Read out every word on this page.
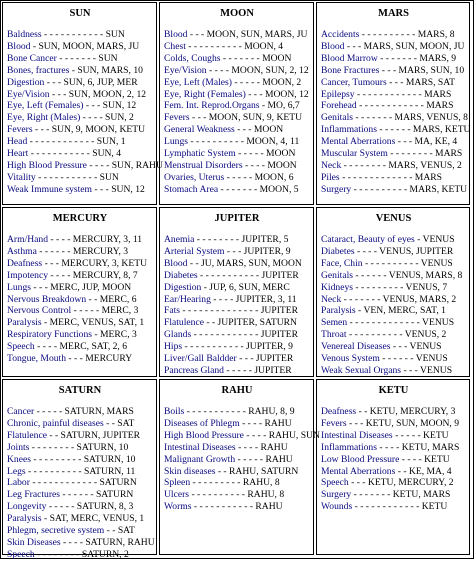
SUN
Baldness - - - - - - - - - - - SUN
Blood - SUN, MOON, MARS, JU
Bone Cancer - - - - - - - SUN
Bones, fractures - SUN, MARS, 10
Digestion - - - SUN, 6, JUP, MER
Eye/Vision - - - SUN, MOON, 2, 12
Eye, Left (Females) - - - SUN, 12
Eye, Right (Males) - - - - SUN, 2
Fevers - - - SUN, 9, MOON, KETU
Head - - - - - - - - - - - - SUN, 1
Heart - - - - - - - - - - - SUN, 4
High Blood Pressure - - - - SUN, RAHU
Vitality - - - - - - - - - - - SUN
Weak Immune system - - - SUN, 12
MOON
Blood - - - MOON, SUN, MARS, JU
Chest - - - - - - - - - - MOON, 4
Colds, Coughs - - - - - - - MOON
Eye/Vision - - - - MOON, SUN, 2, 12
Eye, Left (Males) - - - - - MOON, 2
Eye, Right (Females) - - - MOON, 12
Fem. Int. Reprod.Organs - MO, 6,7
Fevers - - - MOON, SUN, 9, KETU
General Weakness - - - MOON
Lungs - - - - - - - - - - MOON, 4, 11
Lymphatic System - - - - - MOON
Menstrual Disorders - - - - MOON
Ovaries, Uterus - - - - - MOON, 6
Stomach Area - - - - - - - MOON, 5
MARS
Accidents - - - - - - - - - - MARS, 8
Blood - - - MARS, SUN, MOON, JU
Blood Marrow - - - - - - - MARS, 9
Bone Fractures - - - MARS, SUN, 10
Cancer, Tumours - - - MARS, SAT
Epilepsy - - - - - - - - - - - - MARS
Forehead - - - - - - - - - - - - MARS
Genitals - - - - - - - MARS, VENUS, 8
Inflammations - - - - - - MARS, KETU
Mental Aberrations - - - MA, KE, 4
Muscular System - - - - - - - - MARS
Neck - - - - - - - - MARS, VENUS, 2
Piles - - - - - - - - - - - - - MARS
Surgery - - - - - - - - - - MARS, KETU
MERCURY
Arm/Hand - - - - MERCURY, 3, 11
Asthma - - - - - - MERCURY, 3
Deafness - - - MERCURY, 3, KETU
Impotency - - - - MERCURY, 8, 7
Lungs - - - MERC, JUP, MOON
Nervous Breakdown - - MERC, 6
Nervous Control - - - - - MERC, 3
Paralysis - MERC, VENUS, SAT, 1
Respiratory Functions - MERC, 3
Speech - - - - MERC, SAT, 2, 6
Tongue, Mouth - - - MERCURY
JUPITER
Anemia - - - - - - - - JUPITER, 5
Arterial System - - - JUPITER, 9
Blood - - JU, MARS, SUN, MOON
Diabetes - - - - - - - - - - - JUPITER
Digestion - JUP, 6, SUN, MERC
Ear/Hearing - - - - JUPITER, 3, 11
Fats - - - - - - - - - - - - - - JUPITER
Flatulence - - JUPITER, SATURN
Glands - - - - - - - - - - - - JUPITER
Hips - - - - - - - - - - - JUPITER, 9
Liver/Gall Baldder - - - JUPITER
Pancreas Gland - - - - - JUPITER
VENUS
Cataract, Beauty of eyes - VENUS
Diabetes - - - - VENUS, JUPITER
Face, Chin - - - - - - - - - - VENUS
Genitals - - - - - - VENUS, MARS, 8
Kidneys - - - - - - - - - VENUS, 7
Neck - - - - - - - VENUS, MARS, 2
Paralysis - VEN, MERC, SAT, 1
Semen - - - - - - - - - - - - - VENUS
Throat - - - - - - - - - - VENUS, 2
Venereal Diseases - - - VENUS
Venous System - - - - - - VENUS
Weak Sexual Organs - - - VENUS
SATURN
Cancer - - - - - SATURN, MARS
Chronic, painful diseases - - SAT
Flatulence - - SATURN, JUPITER
Joints - - - - - - - - SATURN, 10
Knees - - - - - - - - - SATURN, 10
Legs - - - - - - - - - - SATURN, 11
Labor - - - - - - - - - - - - SATURN
Leg Fractures - - - - - - SATURN
Longevity - - - - - SATURN, 8, 3
Paralysis - SAT, MERC, VENUS, 1
Phlegm, secretive system - - SAT
Skin Diseases - - - - SATURN, RAHU
Speech - - - - - - - - SATURN, 2
RAHU
Boils - - - - - - - - - - - RAHU, 8, 9
Diseases of Phlegm - - - - RAHU
High Blood Pressure - - - - RAHU, SUN
Intestinal Diseases - - - - RAHU
Malignant Growth - - - - - RAHU
Skin diseases - - RAHU, SATURN
Spleen - - - - - - - - - RAHU, 8
Ulcers - - - - - - - - - - RAHU, 8
Worms - - - - - - - - - - - RAHU
KETU
Deafness - - KETU, MERCURY, 3
Fevers - - - KETU, SUN, MOON, 9
Intestinal Diseases - - - - - KETU
Inflammations - - - - KETU, MARS
Low Blood Pressure - - - - KETU
Mental Aberrations - - KE, MA, 4
Speech - - - KETU, MERCURY, 2
Surgery - - - - - - - KETU, MARS
Wounds - - - - - - - - - - - - KETU
